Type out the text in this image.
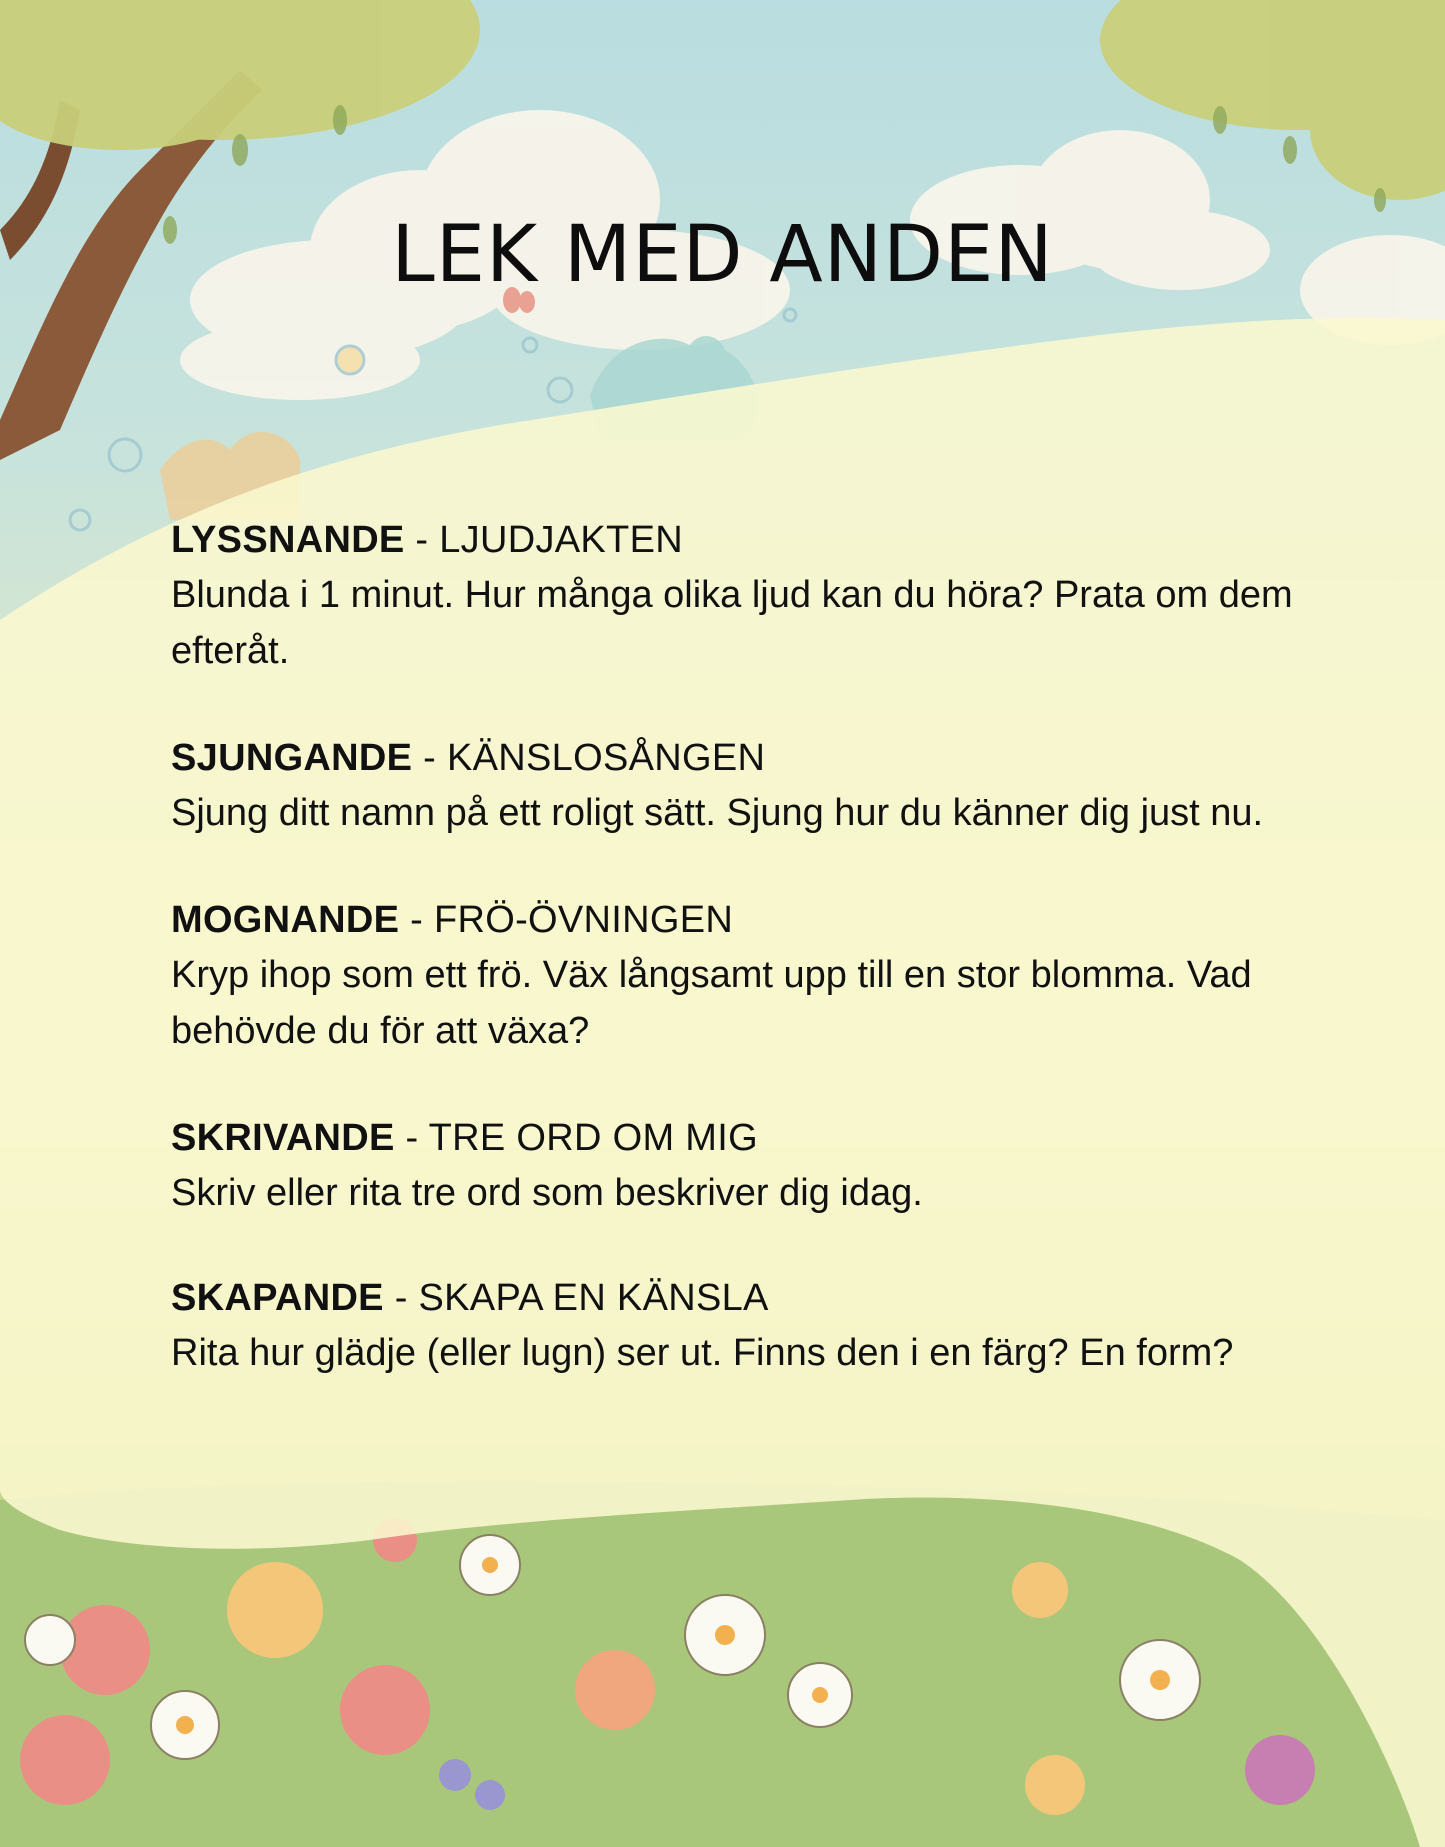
LEK MED ANDEN

LYSSNANDE - LJUDJAKTEN

Blunda i 1 minut. Hur många olika ljud kan du höra? Prata om dem efteråt.

SJUNGANDE - KÄNSLOSÅNGEN

Sjung ditt namn på ett roligt sätt. Sjung hur du känner dig just nu.

MOGNANDE - FRÖ-ÖVNINGEN

Kryp ihop som ett frö. Väx långsamt upp till en stor blomma. Vad behövde du för att växa?

SKRIVANDE - TRE ORD OM MIG

Skriv eller rita tre ord som beskriver dig idag.

SKAPANDE - SKAPA EN KÄNSLA

Rita hur glädje (eller lugn) ser ut. Finns den i en färg? En form?
